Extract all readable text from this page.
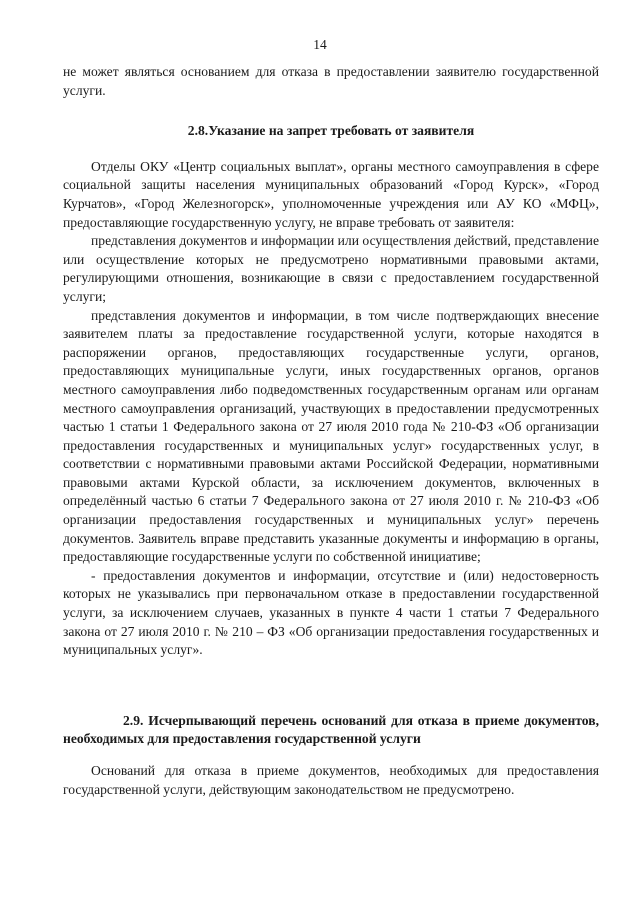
14

не может являться основанием для отказа в предоставлении заявителю государственной услуги.

2.8.Указание на запрет требовать от заявителя

Отделы ОКУ «Центр социальных выплат», органы местного самоуправления в сфере социальной защиты населения муниципальных образований «Город Курск», «Город Курчатов», «Город Железногорск», уполномоченные учреждения или АУ КО «МФЦ», предоставляющие государственную услугу, не вправе требовать от заявителя:

представления документов и информации или осуществления действий, представление или осуществление которых не предусмотрено нормативными правовыми актами, регулирующими отношения, возникающие в связи с предоставлением государственной услуги;

представления документов и информации, в том числе подтверждающих внесение заявителем платы за предоставление государственной услуги, которые находятся в распоряжении органов, предоставляющих государственные услуги, органов, предоставляющих муниципальные услуги, иных государственных органов, органов местного самоуправления либо подведомственных государственным органам или органам местного самоуправления организаций, участвующих в предоставлении предусмотренных частью 1 статьи 1 Федерального закона от 27 июля 2010 года № 210-ФЗ «Об организации предоставления государственных и муниципальных услуг» государственных услуг, в соответствии с нормативными правовыми актами Российской Федерации, нормативными правовыми актами Курской области, за исключением документов, включенных в определённый частью 6 статьи 7 Федерального закона от 27 июля 2010 г. № 210-ФЗ «Об организации предоставления государственных и муниципальных услуг» перечень документов. Заявитель вправе представить указанные документы и информацию в органы, предоставляющие государственные услуги по собственной инициативе;

- предоставления документов и информации, отсутствие и (или) недостоверность которых не указывались при первоначальном отказе в предоставлении государственной услуги, за исключением случаев, указанных в пункте 4 части 1 статьи 7 Федерального закона от 27 июля 2010 г. № 210 – ФЗ «Об организации предоставления государственных и муниципальных услуг».

2.9. Исчерпывающий перечень оснований для отказа в приеме документов, необходимых для предоставления государственной услуги

Оснований для отказа в приеме документов, необходимых для предоставления государственной услуги, действующим законодательством не предусмотрено.
